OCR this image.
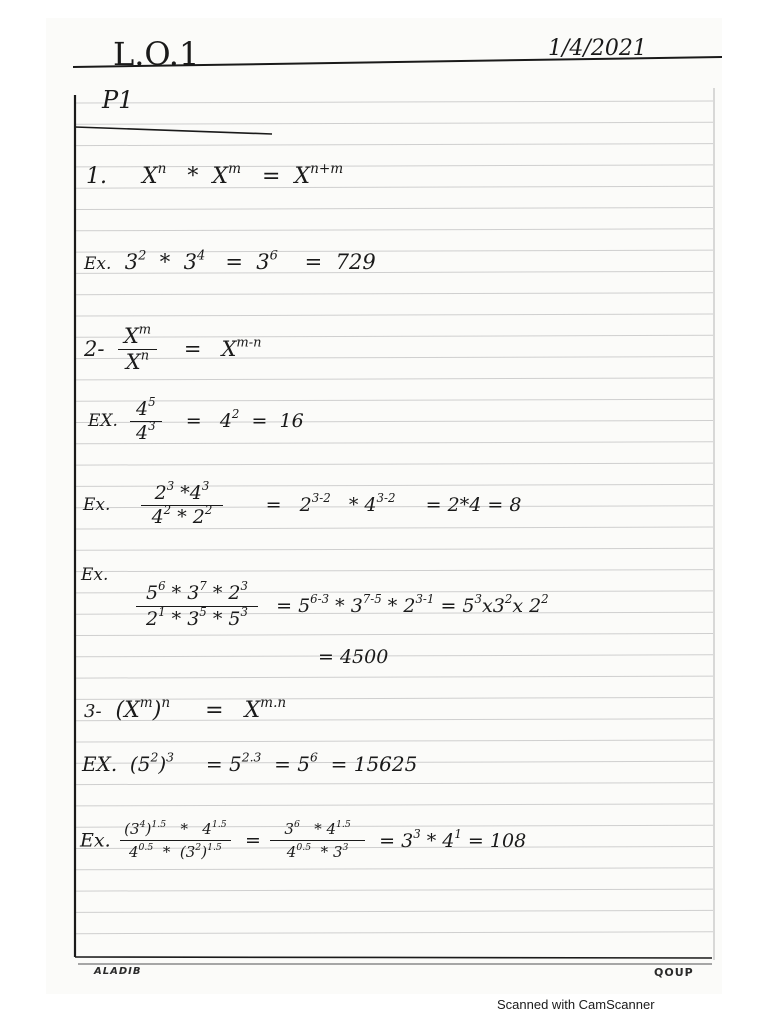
L.O.1	1/4/2021
P1
1. $X^n * X^m = X^{n+m}$
Ex. $3^2 * 3^4 = 3^6 = 729$
$2- \frac{X^m}{X^n} = X^{m-n}$
EX. $\frac{4^5}{4^3} = 4^2 = 16$
Ex. $\frac{2^3 *4^3}{4^2 * 2^2} = 2^{3-2} * 4^{3-2} = 2*4 = 8$
Ex.
$\frac{5^6 * 3^7 * 2^3}{2^1 * 3^5 * 5^3} = 5^{6-3} * 3^{7-5} * 2^{3-1} = 5^3x3^2x$ $2^2$
= 4500
3- $(X^m)^n = X^{m.n}$
EX. $(5^2)^3 = 5^{2.3} = 5^6 = 15625$
Ex. $\frac{(3^4)^{1.5} * 4^{1.5}}{4^{0.5} * (3^2)^{1.5}} = \frac{3^6 * 4^{1.5}}{4^{0.5} * 3^3} = 3^3 * 4^1 = 108$
ALADIB	QOUP
Scanned with CamScanner
